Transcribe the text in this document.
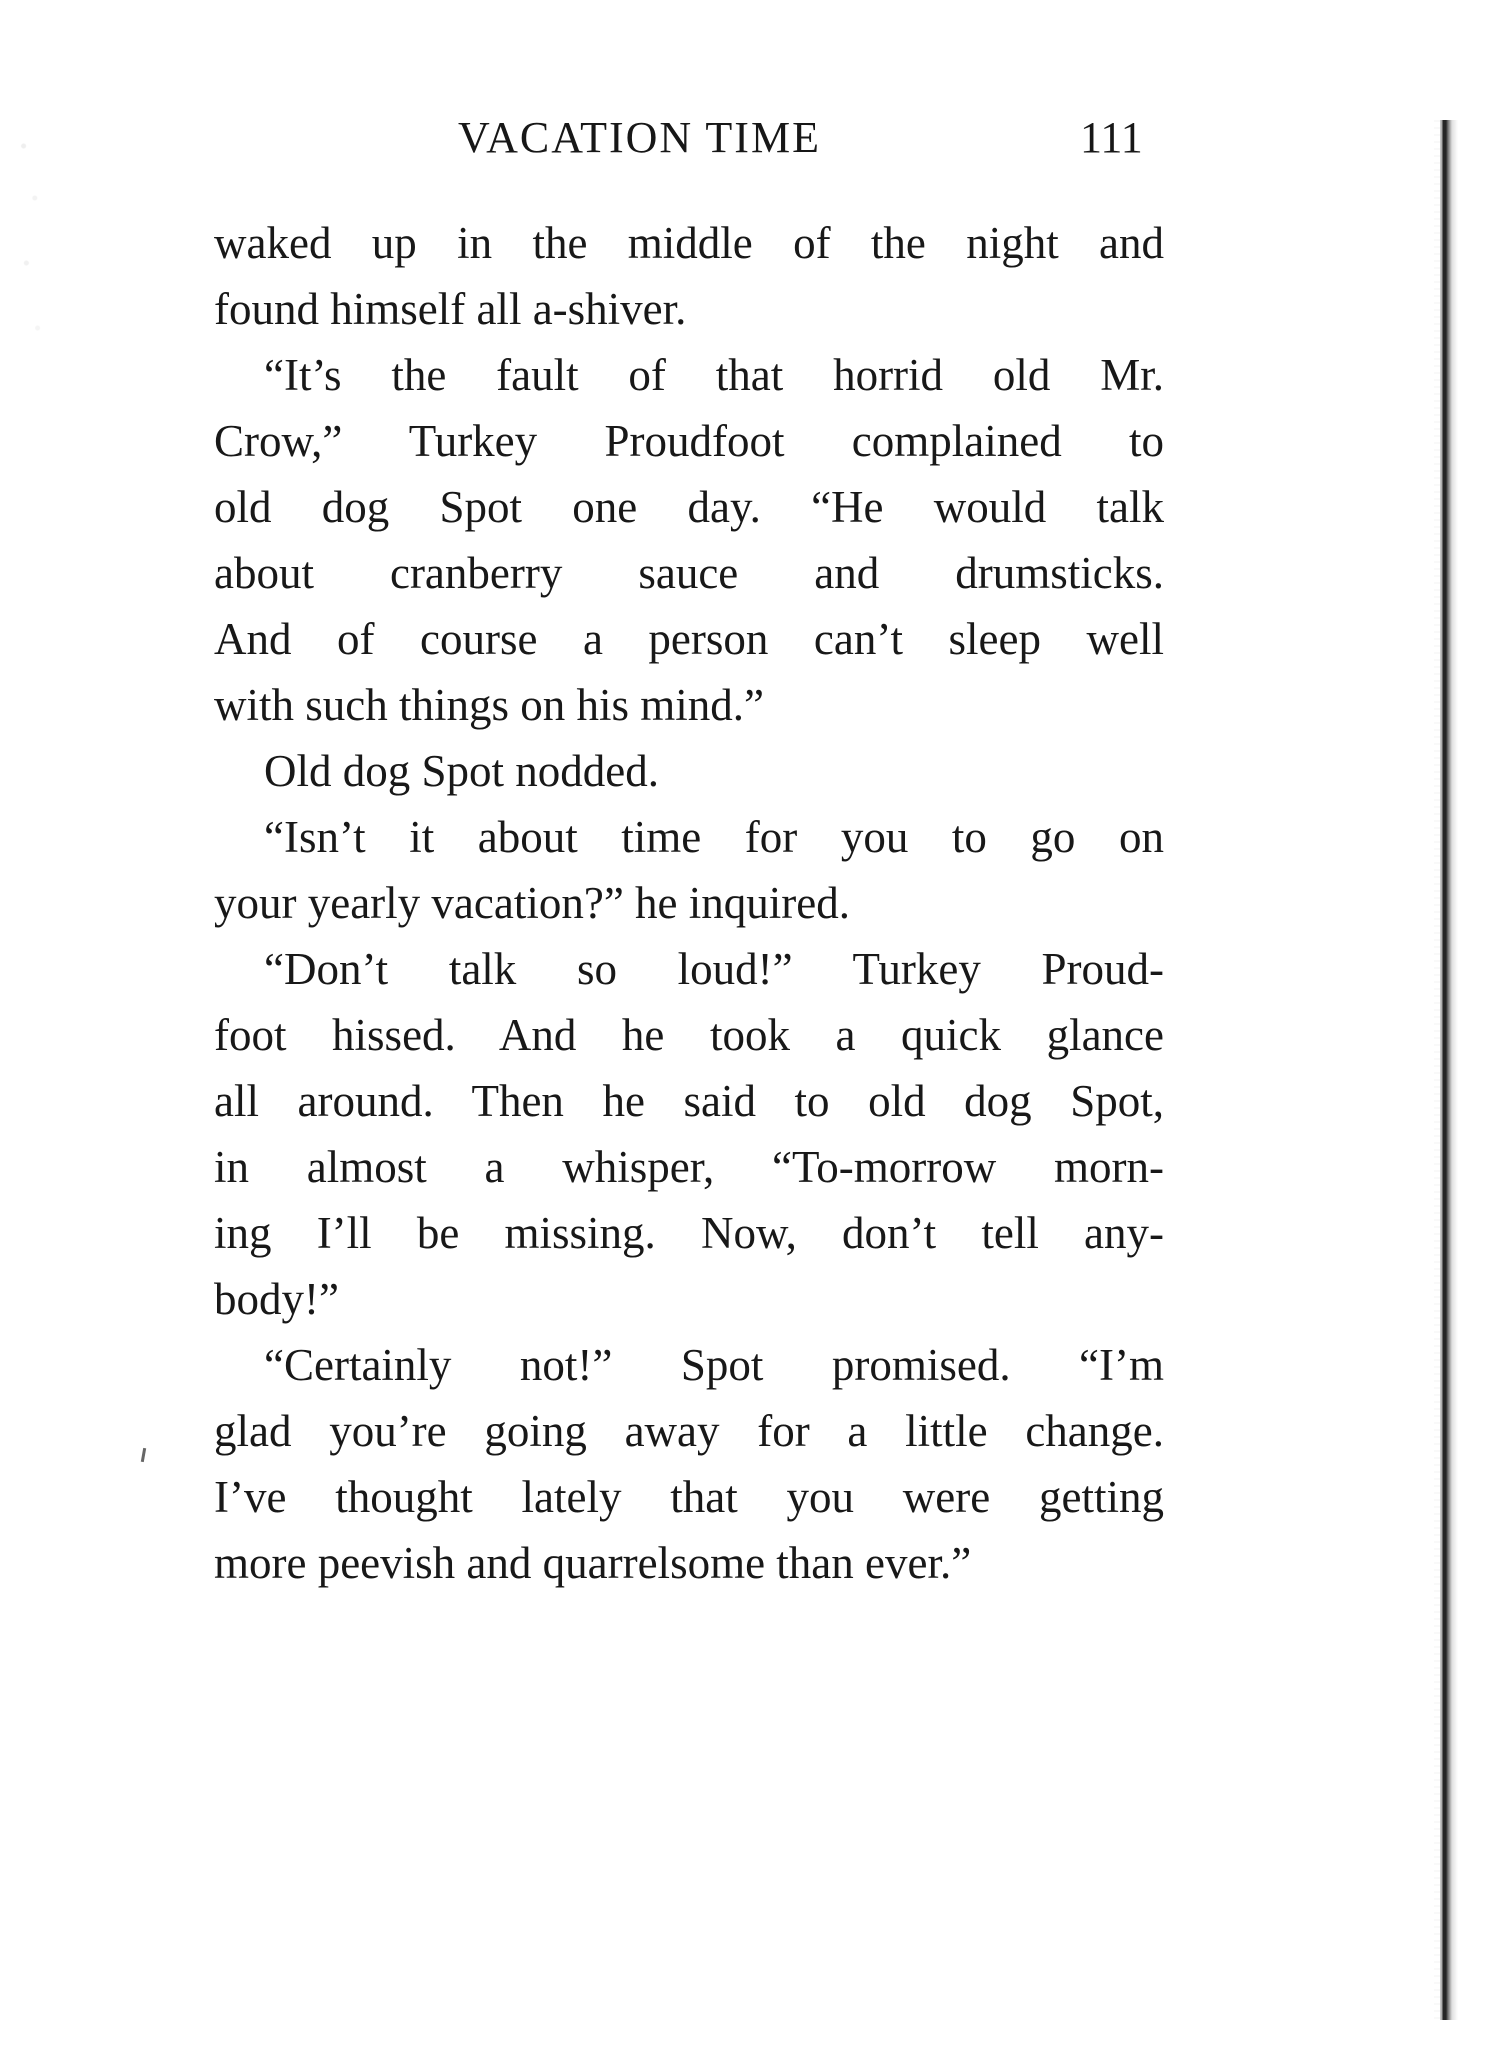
VACATION TIME	111
waked up in the middle of the night and
found himself all a-shiver.
“It’s the fault of that horrid old Mr.
Crow,” Turkey Proudfoot complained to
old dog Spot one day. “He would talk
about cranberry sauce and drumsticks.
And of course a person can’t sleep well
with such things on his mind.”
Old dog Spot nodded.
“Isn’t it about time for you to go on
your yearly vacation?” he inquired.
“Don’t talk so loud!” Turkey Proud-
foot hissed. And he took a quick glance
all around. Then he said to old dog Spot,
in almost a whisper, “To-morrow morn-
ing I’ll be missing. Now, don’t tell any-
body!”
“Certainly not!” Spot promised. “I’m
glad you’re going away for a little change.
I’ve thought lately that you were getting
more peevish and quarrelsome than ever.”
